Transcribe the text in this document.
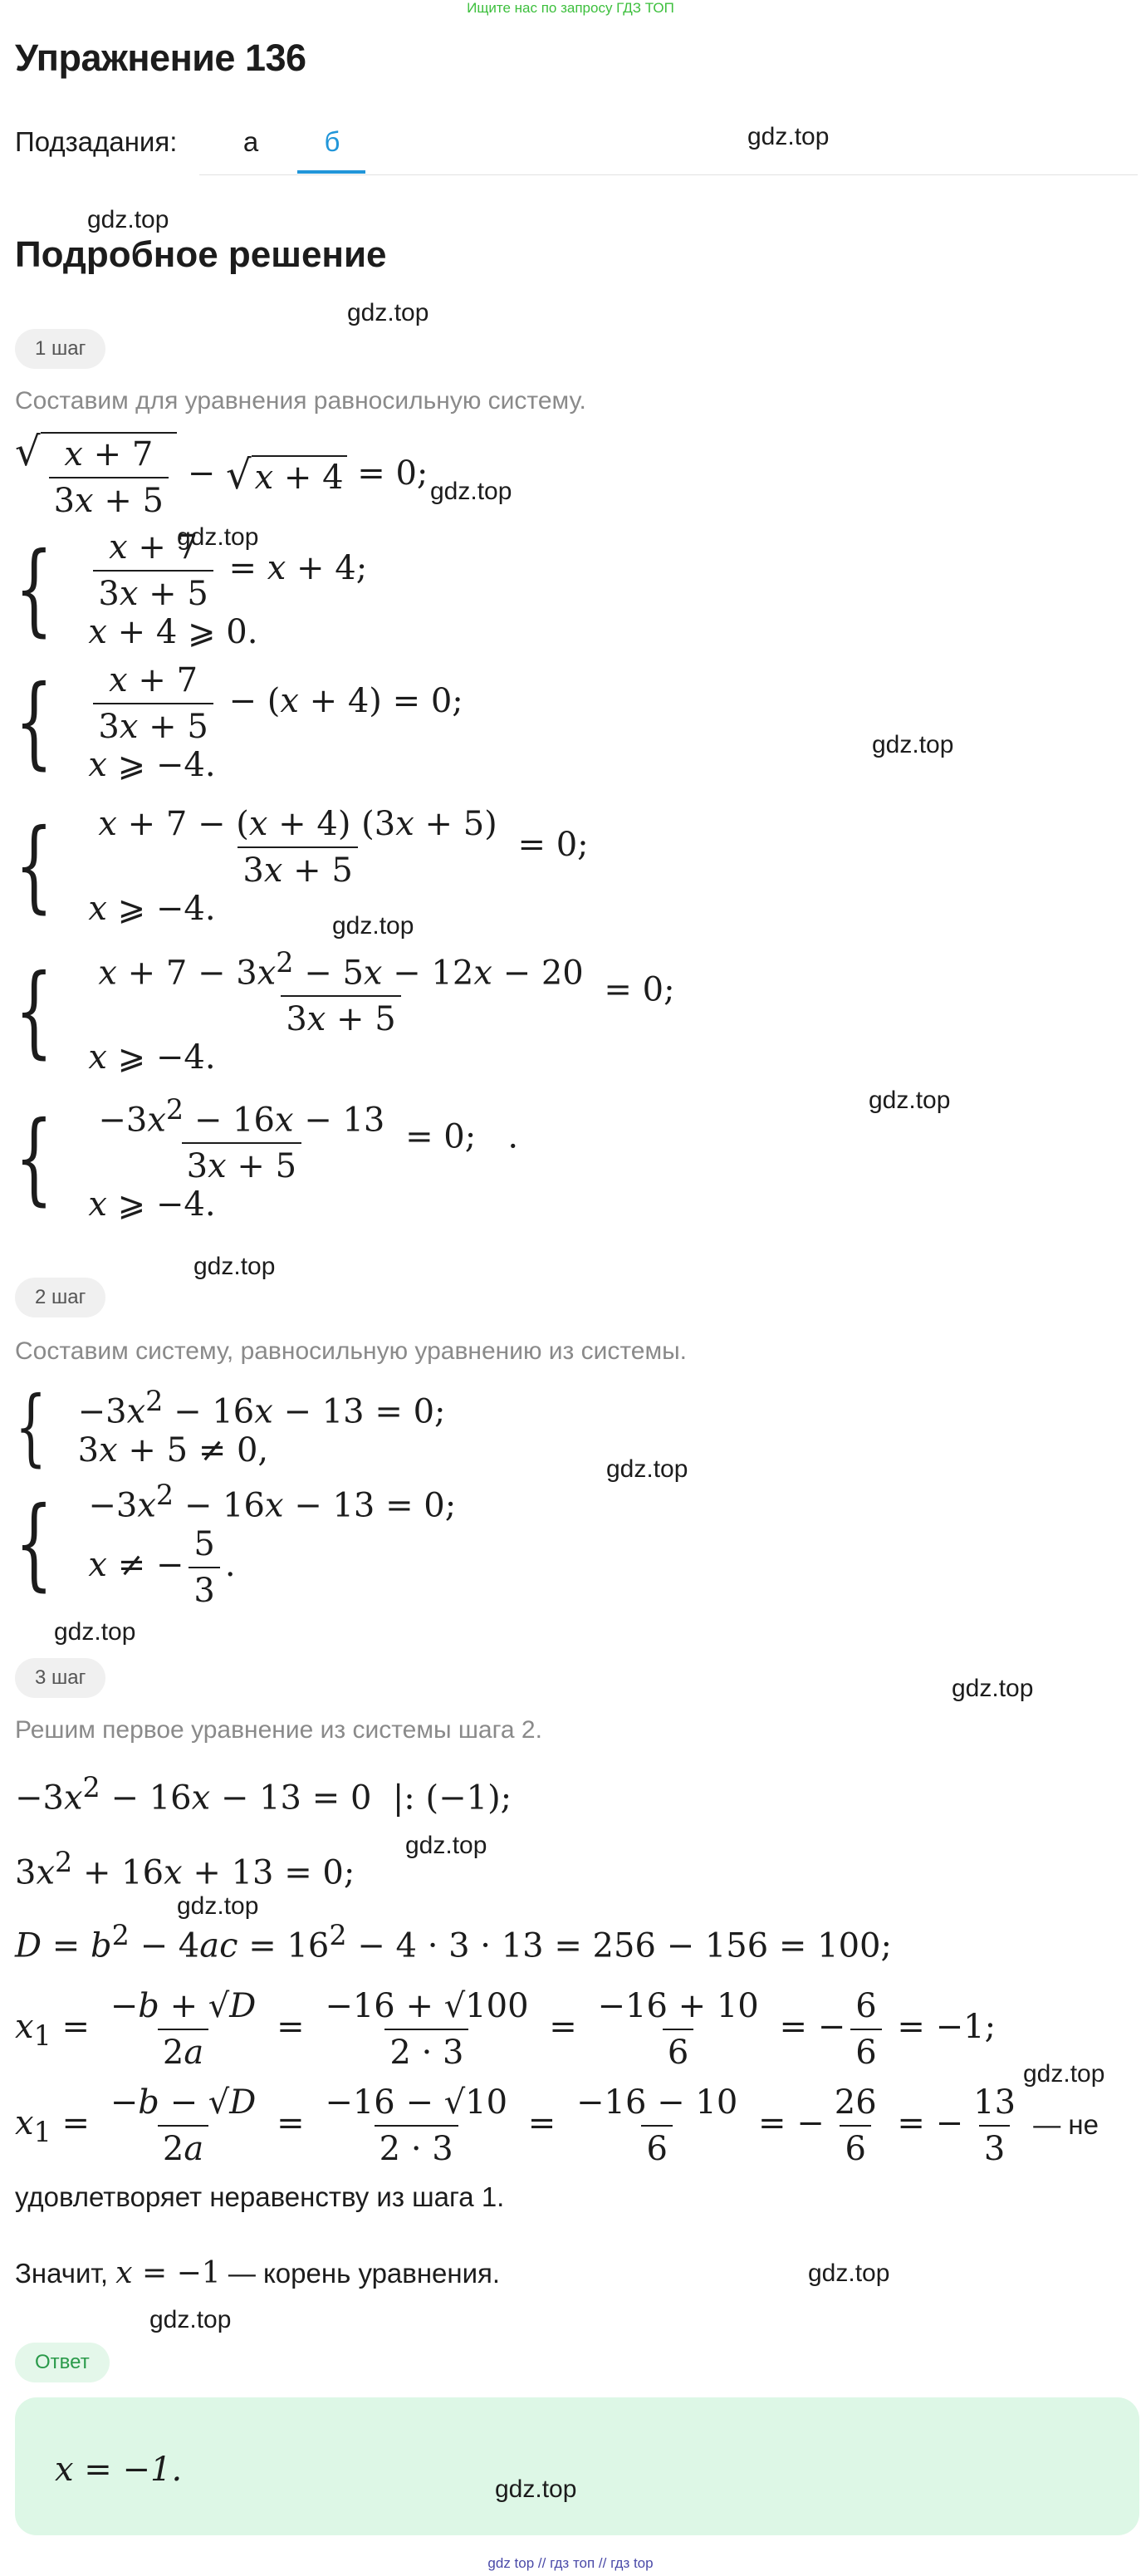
Ищите нас по запросу ГДЗ ТОП
Упражнение 136
Подзадания:	а	б	gdz.top
gdz.top
Подробное решение
gdz.top
1 шаг
Составим для уравнения равносильную систему.
√ $\frac{x + 7}{3x + 5}$ − √ x + 4 = 0; gdz.top
gdz.top
{ $\frac{x + 7}{3x + 5} = x + 4$;
x + 4 ⩾ 0.
{ $\frac{x + 7}{3x + 5} - (x + 4) = 0$;
x ⩾ −4.
gdz.top
{ $\frac{x + 7 - (x + 4) (3x + 5)}{3x + 5} = 0$;
x ⩾ −4.	gdz.top
{ $\frac{x + 7 - 3x^2 - 5x - 12x - 20}{3x + 5} = 0$;
x ⩾ −4.
gdz.top
{ $\frac{-3x^2 - 16x - 13}{3x + 5} = 0$;   .
x ⩾ −4.
gdz.top
2 шаг
Составим систему, равносильную уравнению из системы.
{ $-3x^2 - 16x - 13 = 0$;
3x + 5 ≠ 0,	gdz.top
{ $-3x^2 - 16x - 13 = 0$;
x ≠ − $\frac{5}{3}$ .
gdz.top
3 шаг	gdz.top
Решим первое уравнение из системы шага 2.
$-3x^2 - 16x - 13 = 0$  |: (−1);
gdz.top
$3x^2 + 16x + 13 = 0$;
gdz.top
$D = b^2 - 4ac = 16^2 - 4 \cdot 3 \cdot 13 = 256 - 156 = 100$;
$x_1 = \frac{-b + √D}{2a} = \frac{-16 + √100}{2 \cdot 3} = \frac{-16 + 10}{6}$ = − $\frac{6}{6} = -1$;
gdz.top
$x_1 = \frac{-b - √D}{2a} = \frac{-16 - √10}{2 \cdot 3} = \frac{-16 - 10}{6}$ = − $\frac{26}{6}$ = − $\frac{13}{3}$ — не
удовлетворяет неравенству из шага 1.
Значит, x = −1 — корень уравнения.	gdz.top
gdz.top
Ответ
x = −1.
gdz.top
gdz top // гдз топ // гдз top
